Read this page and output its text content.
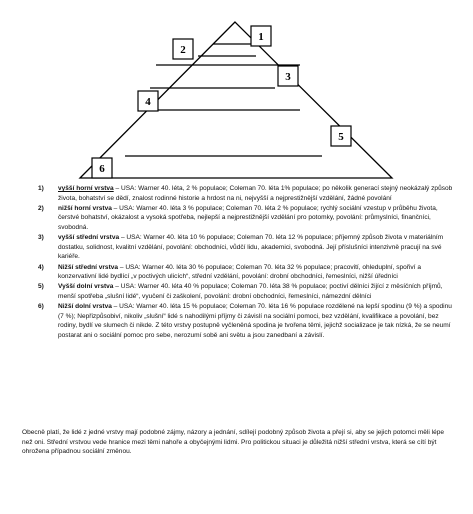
1
2
3
4
5
6
1) vyšší horní vrstva – USA: Warner 40. léta, 2 % populace; Coleman 70. léta 1% populace; po několik generací stejný neokázalý způsob života, bohatství se dědí, znalost rodinné historie a hrdost na ni, nejvyšší a nejprestižnější vzdělání, žádné povolání
2) nižší horní vrstva – USA: Warner 40. léta 3 % populace; Coleman 70. léta 2 % populace; rychlý sociální vzestup v průběhu života, čerstvé bohatství, okázalost a vysoká spotřeba, nejlepší a nejprestižnější vzdělání pro potomky, povolání: průmyslníci, finančníci, svobodná.
3) vyšší střední vrstva – USA: Warner 40. léta 10 % populace; Coleman 70. léta 12 % populace; příjemný způsob života v materiálním dostatku, solidnost, kvalitní vzdělání, povolání: obchodníci, vůdčí lidu, akademici, svobodná. Její příslušníci intenzivně pracují na své kariéře.
4) Nižší střední vrstva – USA: Warner 40. léta 30 % populace; Coleman 70. léta 32 % populace; pracovití, ohleduplní, spořiví a konzervativní lidé bydlící „v poctivých ulicích“, střední vzdělání, povolání: drobní obchodníci, řemeslníci, nižší úředníci
5) Vyšší dolní vrstva – USA: Warner 40. léta 40 % populace; Coleman 70. léta 38 % populace; poctiví dělníci žijící z měsíčních příjmů, menší spotřeba „slušní lidé“, vyučení či zaškolení, povolání: drobní obchodníci, řemeslníci, námezdní dělníci
6) Nižší dolní vrstva – USA: Warner 40. léta 15 % populace; Coleman 70. léta 16 % populace rozdělené na lepší spodinu (9 %) a spodinu (7 %); Nepřizpůsobiví, nikoliv „slušní“ lidé s nahodilými příjmy či závislí na sociální pomoci, bez vzdělání, kvalifikace a povolání, bez rodiny, bydlí ve slumech či nikde. Z této vrstvy postupně vyčleněná spodina je tvořena těmi, jejichž socializace je tak nízká, že se neumí postarat ani o sociální pomoc pro sebe, nerozumí sobě ani světu a jsou zanedbaní a závislí.

Obecně platí, že lidé z jedné vrstvy mají podobné zájmy, názory a jednání, sdílejí podobný způsob života a přejí si, aby se jejich potomci měli lépe než oni. Střední vrstvou vede hranice mezi těmi nahoře a obyčejnými lidmi. Pro politickou situaci je důležitá nižší střední vrstva, která se cítí být ohrožena případnou sociální změnou.
